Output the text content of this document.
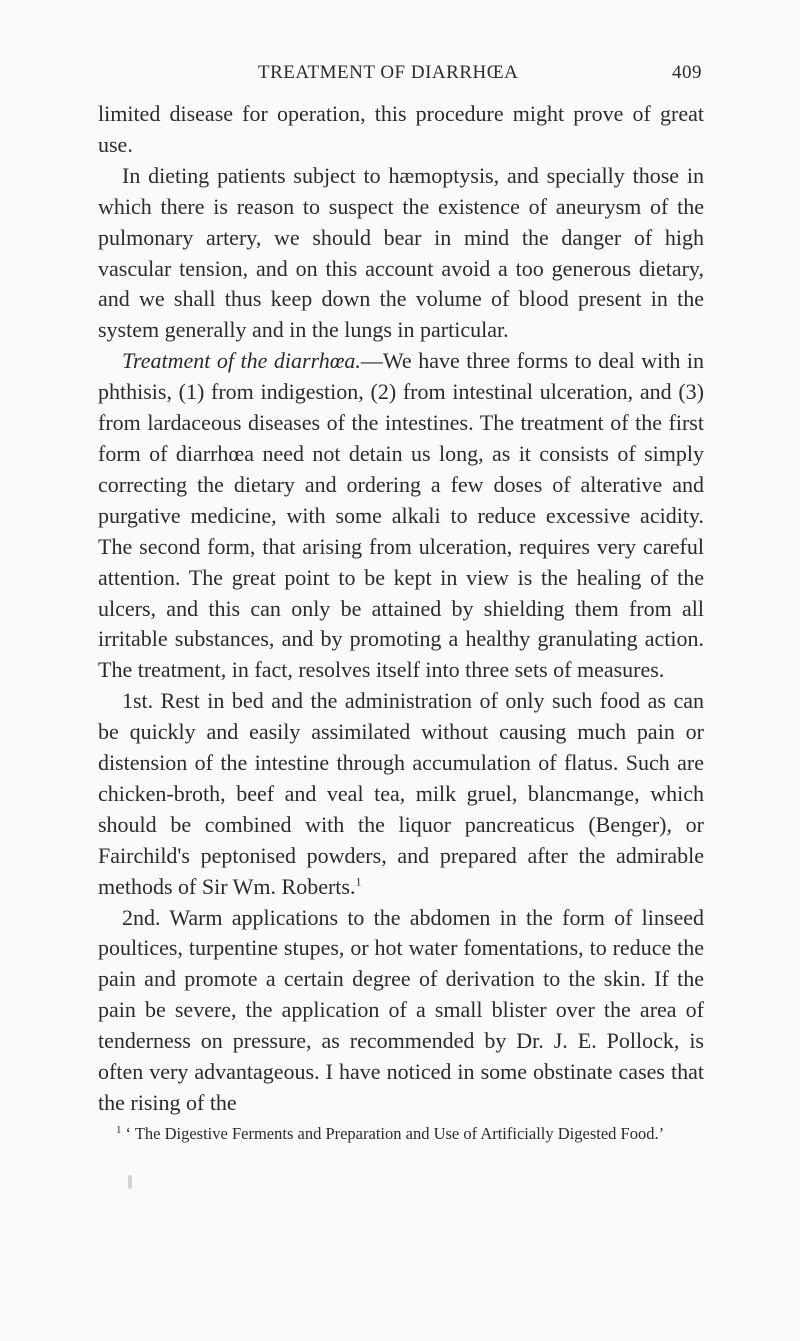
TREATMENT OF DIARRHŒA	409

limited disease for operation, this procedure might prove of great use.

In dieting patients subject to hæmoptysis, and specially those in which there is reason to suspect the existence of aneurysm of the pulmonary artery, we should bear in mind the danger of high vascular tension, and on this account avoid a too generous dietary, and we shall thus keep down the volume of blood present in the system generally and in the lungs in particular.

Treatment of the diarrhœa.—We have three forms to deal with in phthisis, (1) from indigestion, (2) from intestinal ulceration, and (3) from lardaceous diseases of the intestines. The treatment of the first form of diarrhœa need not detain us long, as it consists of simply correcting the dietary and ordering a few doses of alterative and purgative medicine, with some alkali to reduce excessive acidity. The second form, that arising from ulceration, requires very careful attention. The great point to be kept in view is the healing of the ulcers, and this can only be attained by shielding them from all irritable substances, and by promoting a healthy granulating action. The treatment, in fact, resolves itself into three sets of measures.

1st. Rest in bed and the administration of only such food as can be quickly and easily assimilated without causing much pain or distension of the intestine through accumulation of flatus. Such are chicken-broth, beef and veal tea, milk gruel, blancmange, which should be combined with the liquor pancreaticus (Benger), or Fairchild's peptonised powders, and prepared after the admirable methods of Sir Wm. Roberts.$^1$

2nd. Warm applications to the abdomen in the form of linseed poultices, turpentine stupes, or hot water fomentations, to reduce the pain and promote a certain degree of derivation to the skin. If the pain be severe, the application of a small blister over the area of tenderness on pressure, as recommended by Dr. J. E. Pollock, is often very advantageous. I have noticed in some obstinate cases that the rising of the

1 ‘ The Digestive Ferments and Preparation and Use of Artificially Digested Food.’
